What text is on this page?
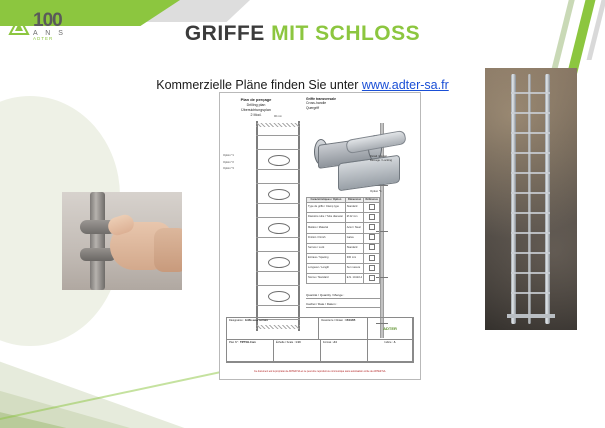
100
A N S
ADTER	GRIFFE MIT SCHLOSS
Kommerzielle Pläne finden Sie unter www.adter-sa.fr
Plan de perçage
Drilling plan
Übersichtungsplan
2 Mod.
Griffe transversale
Cross-handle
Quergriff
90 mm
Option *1
Option *2
Option *3
Détail / Detail
Blocage / Locking
Option *1
Caractéristiques / Option	Dimension	Référence
Type de griffe / Clamp type	Standard	
Diamètre tube / Tube diameter	Ø 42 mm	
Matière / Material	Acier / Steel	
Finition / Finish	Galva	
Serrure / Lock	Standard	
Entraxe / Spacing	300 mm	
Longueur / Length	Sur mesure	
Norme / Standard	E.N. 14122-4	
Quantité / Quantity / Menge :
Cachet / Date / Datum :
Désignation : Griffe avec serrure	Dessiné le / Drawn : 15/10/05
ADTER
Plan N° : TIPTIGI-Com	Échelle / Scale : 1:10	Format : A4	Indice : A
Ce document est la propriété de ADTER SA et ne peut être reproduit ou communiqué sans autorisation écrite de ADTER SA.
